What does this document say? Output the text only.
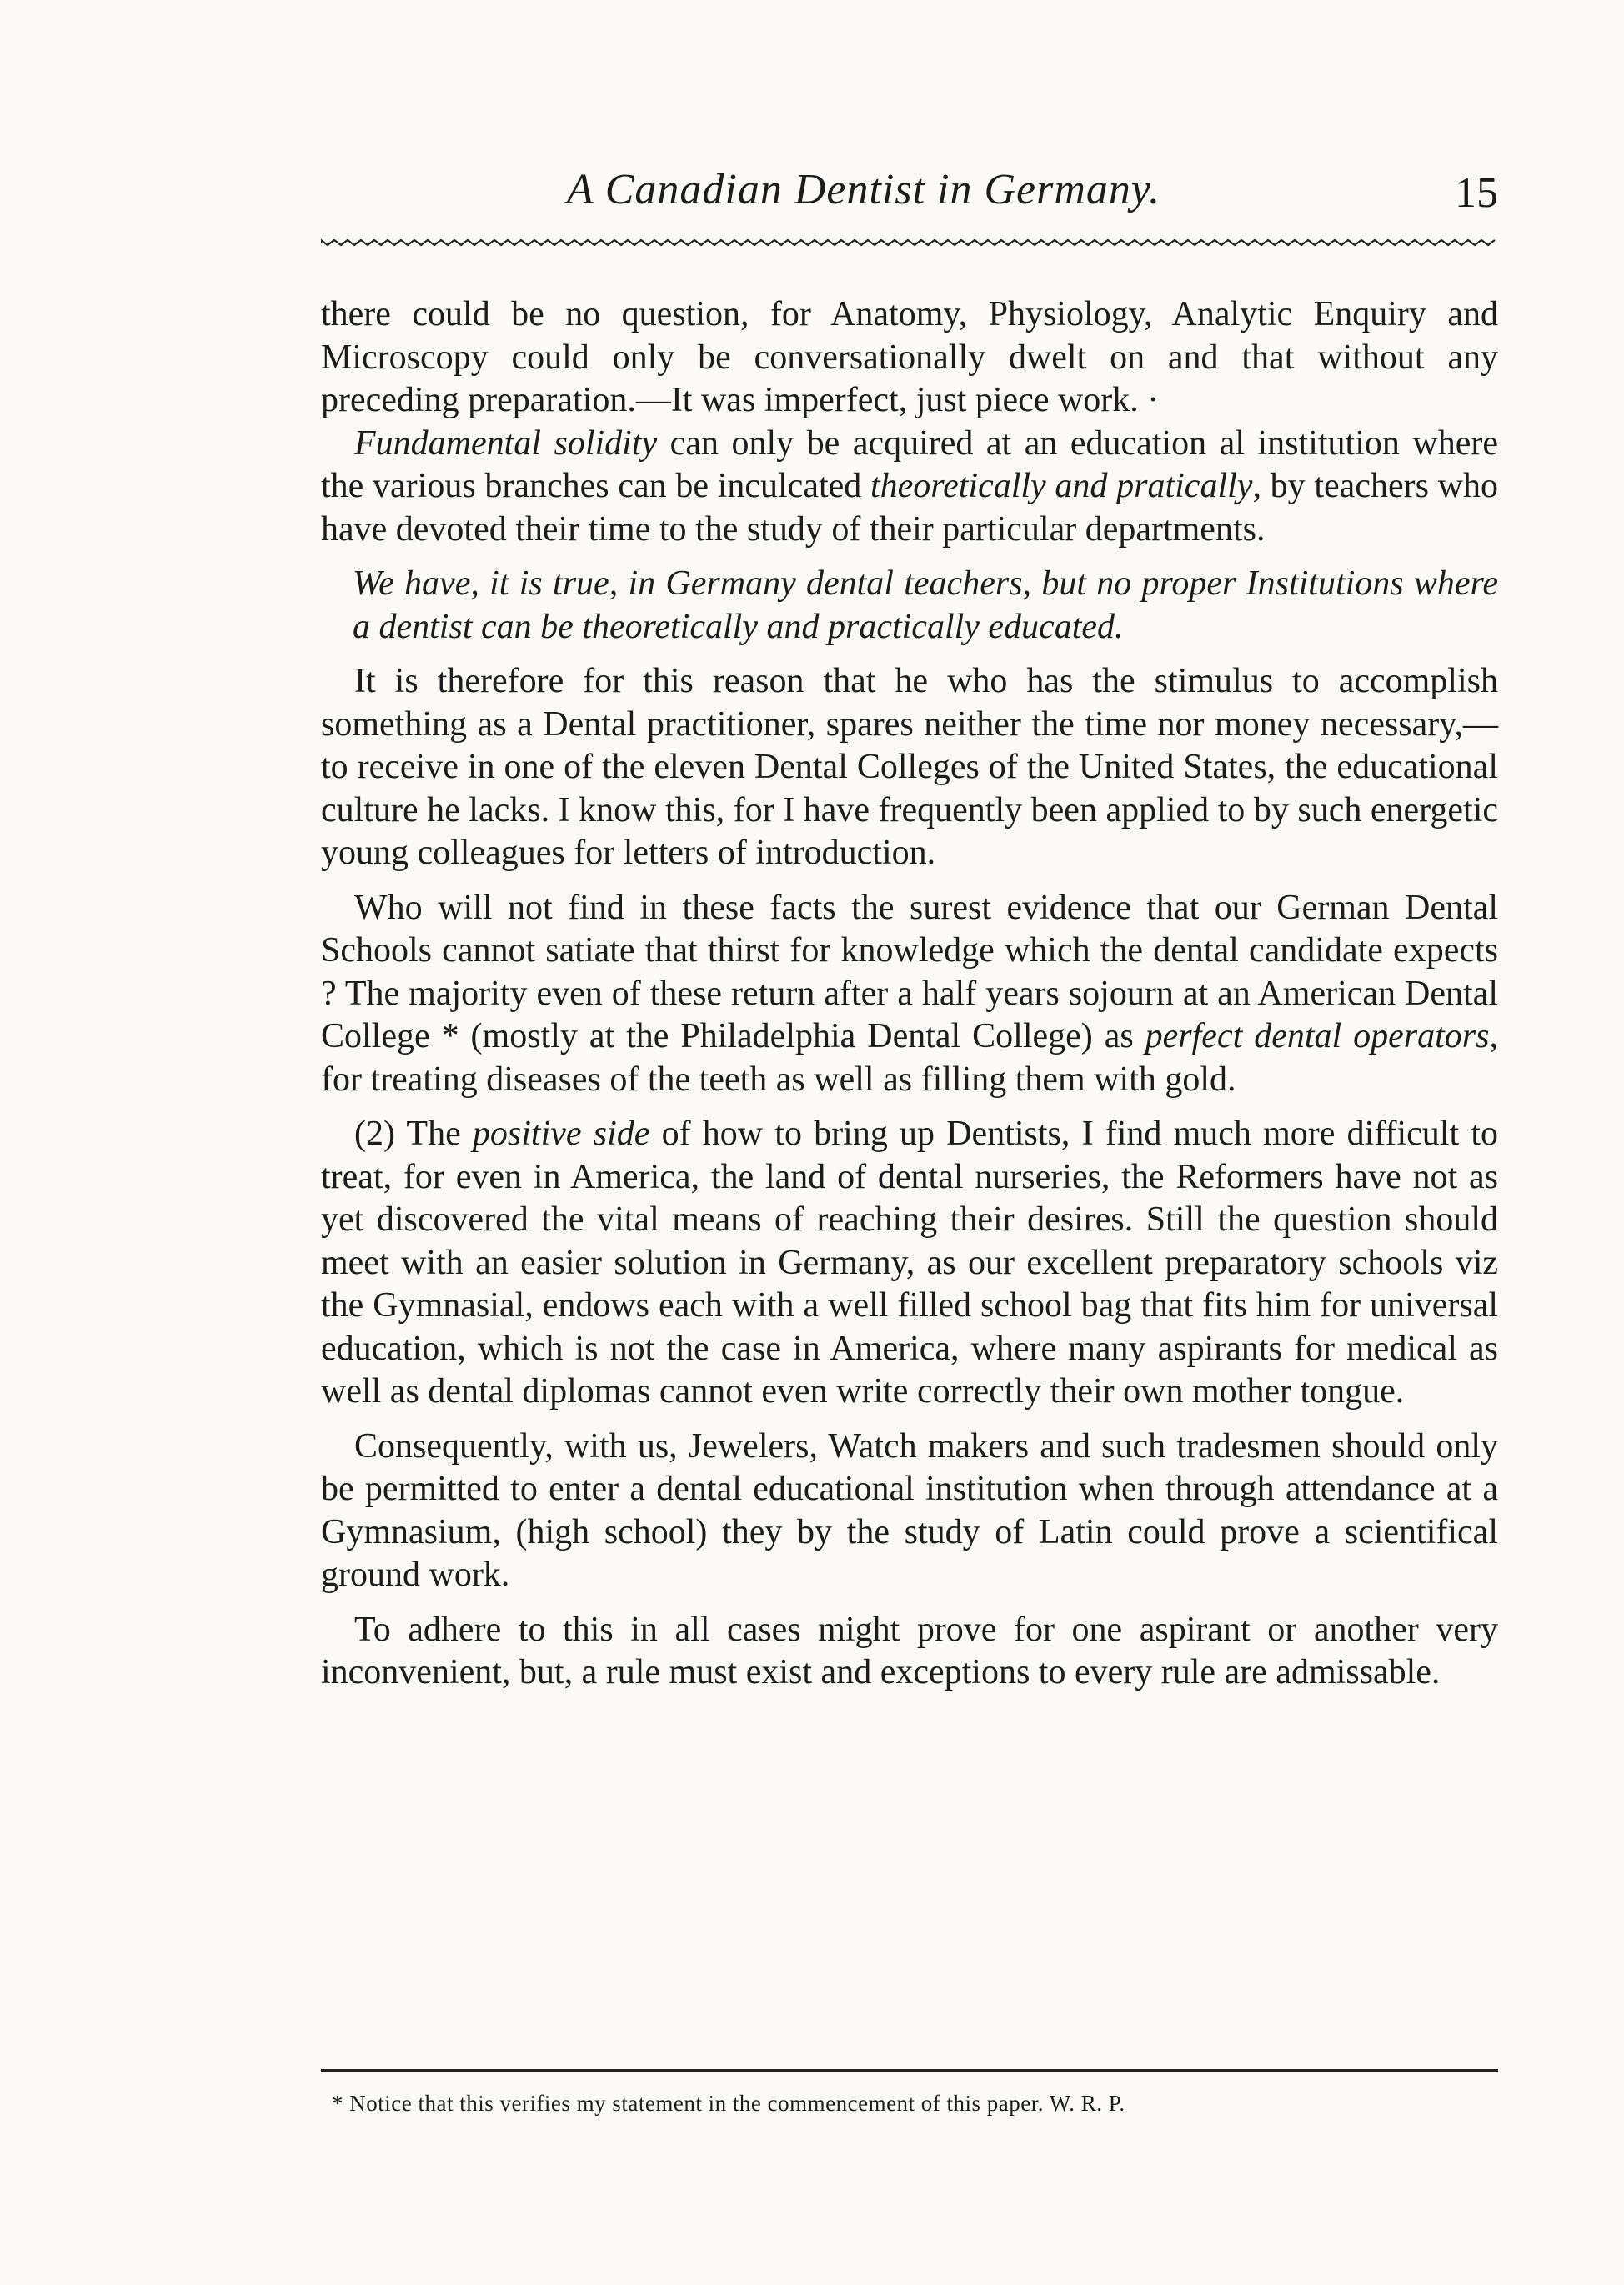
A Canadian Dentist in Germany.	15

there could be no question, for Anatomy, Physiology, Analytic Enquiry and Microscopy could only be conversationally dwelt on and that without any preceding preparation.—It was imperfect, just piece work. ·

Fundamental solidity can only be acquired at an education al institution where the various branches can be inculcated theoretically and pratically, by teachers who have devoted their time to the study of their particular departments.

We have, it is true, in Germany dental teachers, but no proper Institutions where a dentist can be theoretically and practically educated.

It is therefore for this reason that he who has the stimulus to accomplish something as a Dental practitioner, spares neither the time nor money necessary,—to receive in one of the eleven Dental Colleges of the United States, the educational culture he lacks. I know this, for I have frequently been applied to by such energetic young colleagues for letters of introduction.

Who will not find in these facts the surest evidence that our German Dental Schools cannot satiate that thirst for knowledge which the dental candidate expects ? The majority even of these return after a half years sojourn at an American Dental College * (mostly at the Philadelphia Dental College) as perfect dental operators, for treating diseases of the teeth as well as filling them with gold.

(2) The positive side of how to bring up Dentists, I find much more difficult to treat, for even in America, the land of dental nurseries, the Reformers have not as yet discovered the vital means of reaching their desires. Still the question should meet with an easier solution in Germany, as our excellent preparatory schools viz the Gymnasial, endows each with a well filled school bag that fits him for universal education, which is not the case in America, where many aspirants for medical as well as dental diplomas cannot even write correctly their own mother tongue.

Consequently, with us, Jewelers, Watch makers and such tradesmen should only be permitted to enter a dental educational institution when through attendance at a Gymnasium, (high school) they by the study of Latin could prove a scientifical ground work.

To adhere to this in all cases might prove for one aspirant or another very inconvenient, but, a rule must exist and exceptions to every rule are admissable.

* Notice that this verifies my statement in the commencement of this paper. W. R. P.
